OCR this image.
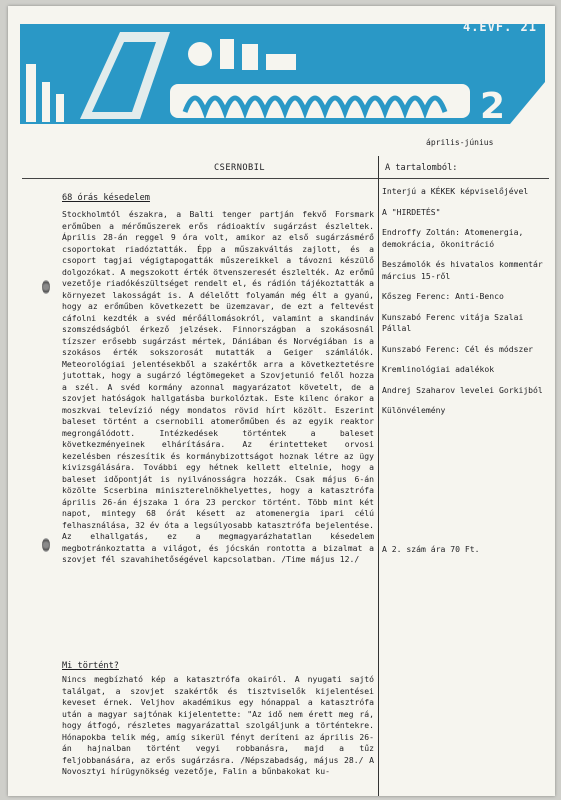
2
4.ÉVF. 21
április-június
CSERNOBIL
68 órás késedelem
Stockholmtól északra, a Balti tenger partján fekvő Forsmark erőműben a mérőműszerek erős rádioaktív sugárzást észleltek. Április 28-án reggel 9 óra volt, amikor az első sugárzásmérő csoportokat riadóztatták. Épp a műszakváltás zajlott, és a csoport tagjai végigtapogatták műszereikkel a távozni készülő dolgozókat. A megszokott érték ötvenszeresét észlelték. Az erőmű vezetője riadókészültséget rendelt el, és rádión tájékoztatták a környezet lakosságát is. A délelőtt folyamán még élt a gyanú, hogy az erőműben következett be üzemzavar, de ezt a feltevést cáfolni kezdték a svéd mérőállomásokról, valamint a skandináv szomszédságból érkező jelzések. Finnországban a szokásosnál tízszer erősebb sugárzást mértek, Dániában és Norvégiában is a szokásos érték sokszorosát mutatták a Geiger számlálók. Meteorológiai jelentésekből a szakértők arra a következtetésre jutottak, hogy a sugárzó légtömegeket a Szovjetunió felől hozza a szél. A svéd kormány azonnal magyarázatot követelt, de a szovjet hatóságok hallgatásba burkolóztak. Este kilenc órakor a moszkvai televízió négy mondatos rövid hírt közölt. Eszerint baleset történt a csernobili atomerőműben és az egyik reaktor megrongálódott. Intézkedések történtek a baleset következményeinek elhárítására. Az érintetteket orvosi kezelésben részesítik és kormánybizottságot hoznak létre az ügy kivizsgálására. További egy hétnek kellett eltelnie, hogy a baleset időpontját is nyilvánosságra hozzák. Csak május 6-án közölte Scserbina miniszterelnökhelyettes, hogy a katasztrófa április 26-án éjszaka 1 óra 23 perckor történt. Több mint két napot, mintegy 68 órát késett az atomenergia ipari célú felhasználása, 32 év óta a legsúlyosabb katasztrófa bejelentése. Az elhallgatás, ez a megmagyarázhatatlan késedelem megbotránkoztatta a világot, és jócskán rontotta a bizalmat a szovjet fél szavahihetőségével kapcsolatban. /Time május 12./
Mi történt?
Nincs megbízható kép a katasztrófa okairól. A nyugati sajtó találgat, a szovjet szakértők és tisztviselők kijelentései keveset érnek. Veljhov akadémikus egy hónappal a katasztrófa után a magyar sajtónak kijelentette: "Az idő nem érett meg rá, hogy átfogó, részletes magyarázattal szolgáljunk a történtekre. Hónapokba telik még, amíg sikerül fényt deríteni az április 26-án hajnalban történt vegyi robbanásra, majd a tűz feljobbanására, az erős sugárzásra. /Népszabadság, május 28./ A Novosztyi hírügynökség vezetője, Falin a bűnbakokat ku-
A tartalomból:
Interjú a KÉKEK képviselőjével
A "HIRDETÉS"
Endroffy Zoltán: Atomenergia, demokrácia, ökonitráció
Beszámolók és hivatalos kommentár március 15-ről
Kőszeg Ferenc: Anti-Benco
Kunszabó Ferenc vitája Szalai Pállal
Kunszabó Ferenc: Cél és módszer
Kremlinológiai adalékok
Andrej Szaharov levelei Gorkijból
Különvélemény
A 2. szám ára 70 Ft.
